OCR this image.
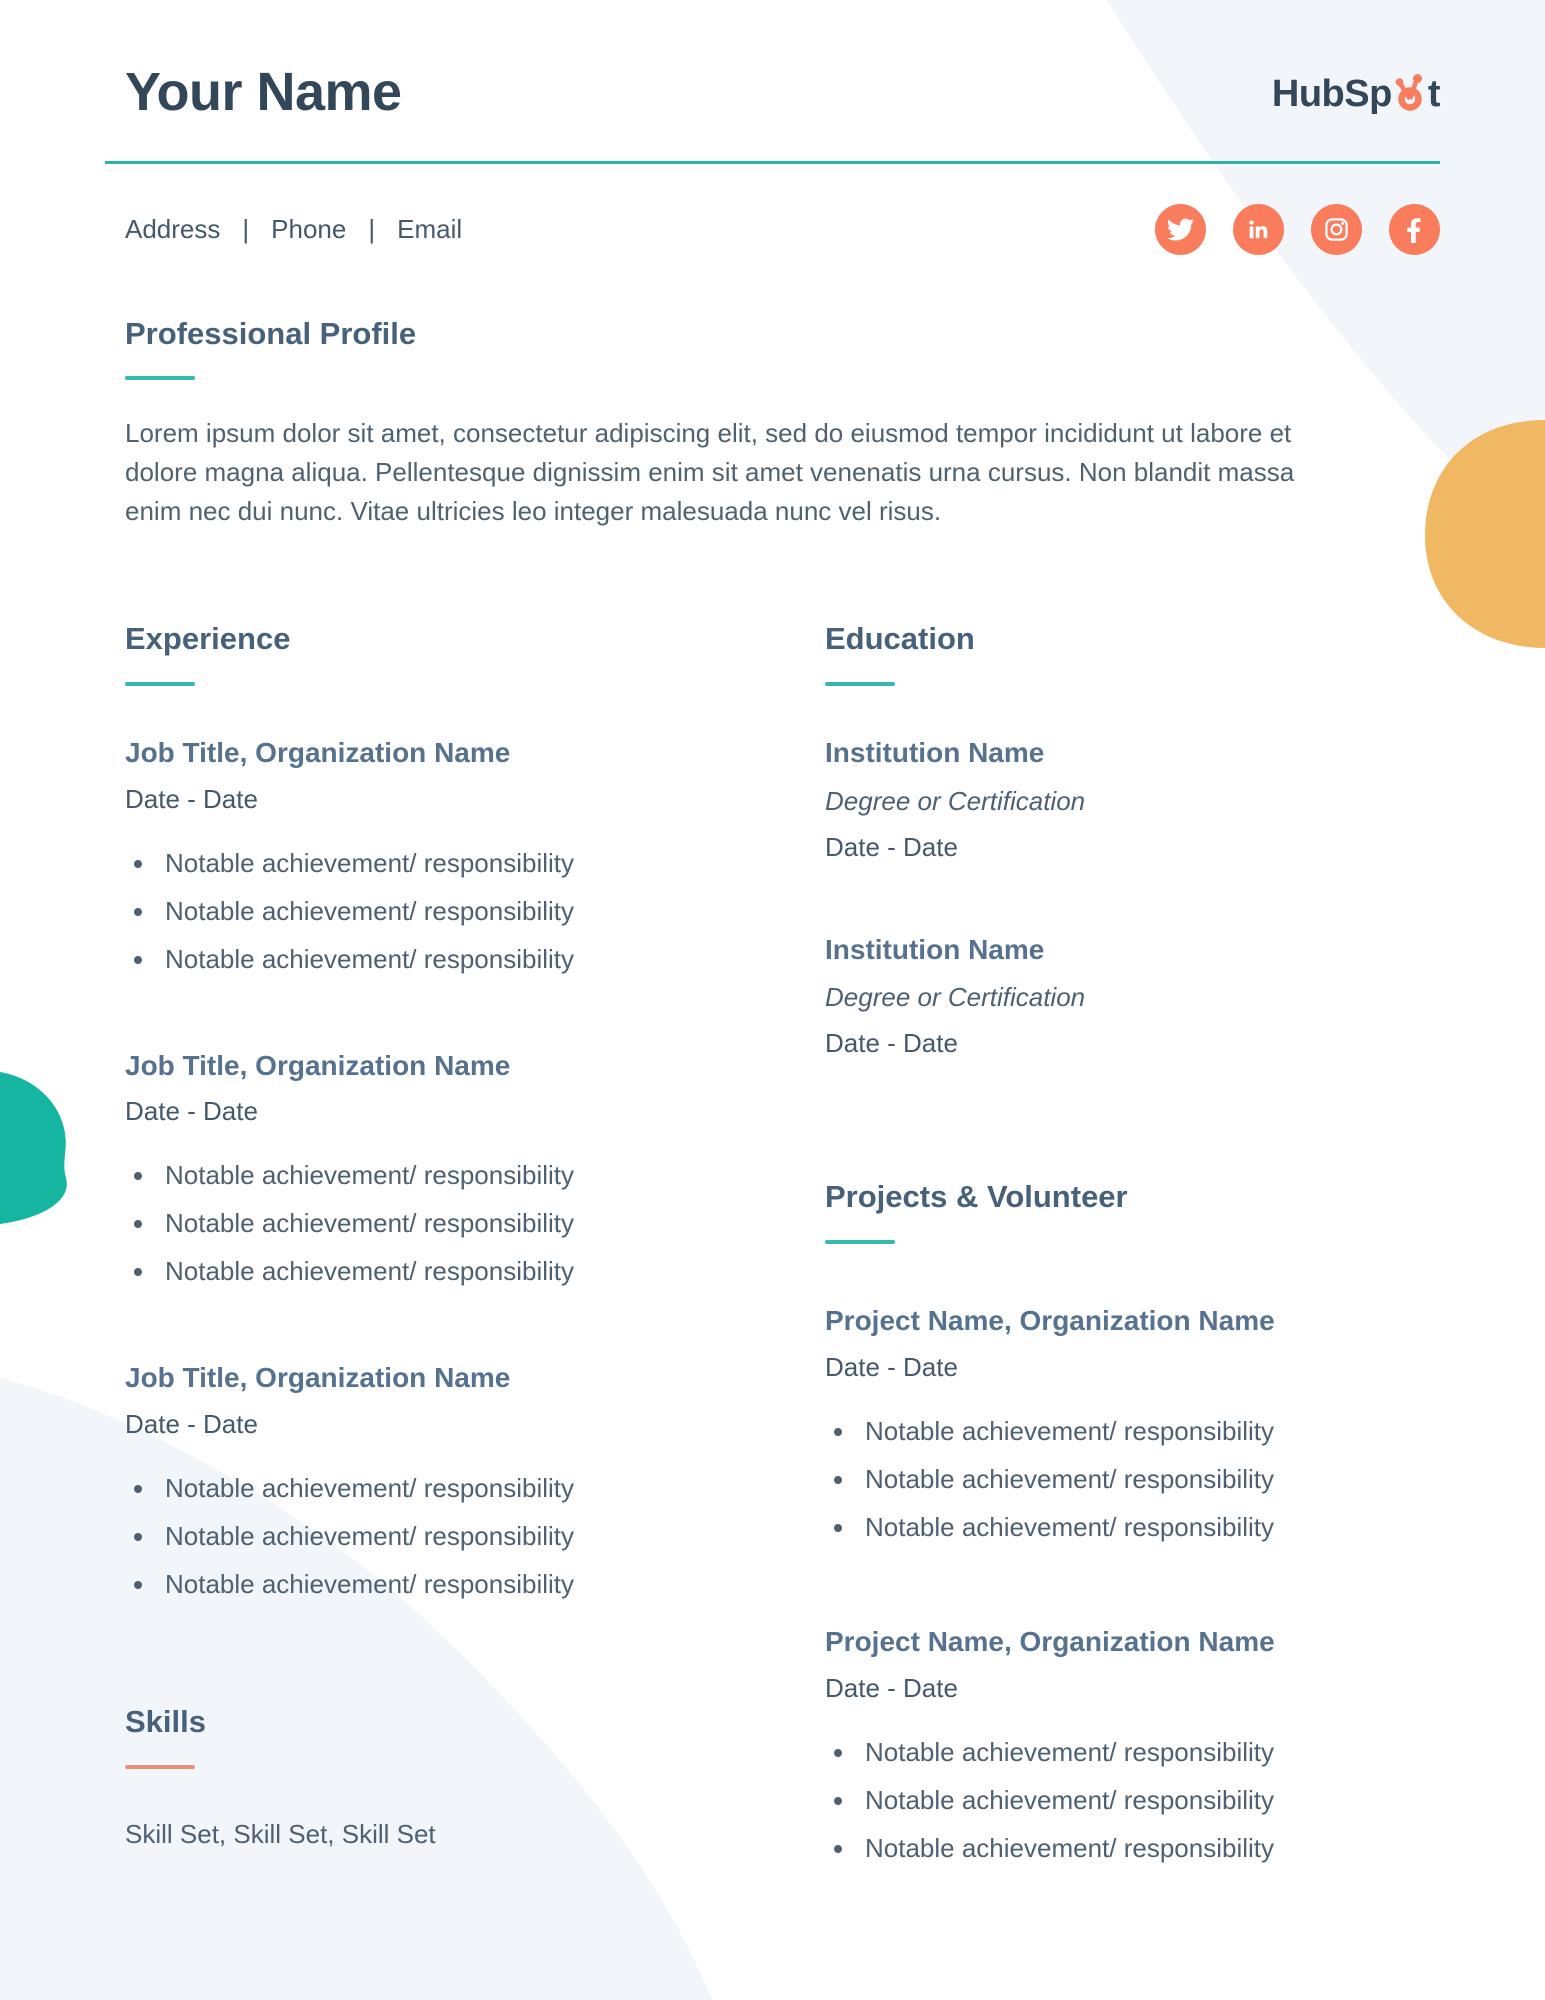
Your Name	HubSp t
Address | Phone | Email
Professional Profile

Lorem ipsum dolor sit amet, consectetur adipiscing elit, sed do eiusmod tempor incididunt ut labore et dolore magna aliqua. Pellentesque dignissim enim sit amet venenatis urna cursus. Non blandit massa enim nec dui nunc. Vitae ultricies leo integer malesuada nunc vel risus.

Experience
Job Title, Organization Name
Date - Date
• Notable achievement/ responsibility
• Notable achievement/ responsibility
• Notable achievement/ responsibility
Job Title, Organization Name
Date - Date
• Notable achievement/ responsibility
• Notable achievement/ responsibility
• Notable achievement/ responsibility
Job Title, Organization Name
Date - Date
• Notable achievement/ responsibility
• Notable achievement/ responsibility
• Notable achievement/ responsibility
Skills
Skill Set, Skill Set, Skill Set
Education
Institution Name
Degree or Certification
Date - Date
Institution Name
Degree or Certification
Date - Date
Projects & Volunteer
Project Name, Organization Name
Date - Date
• Notable achievement/ responsibility
• Notable achievement/ responsibility
• Notable achievement/ responsibility
Project Name, Organization Name
Date - Date
• Notable achievement/ responsibility
• Notable achievement/ responsibility
• Notable achievement/ responsibility
